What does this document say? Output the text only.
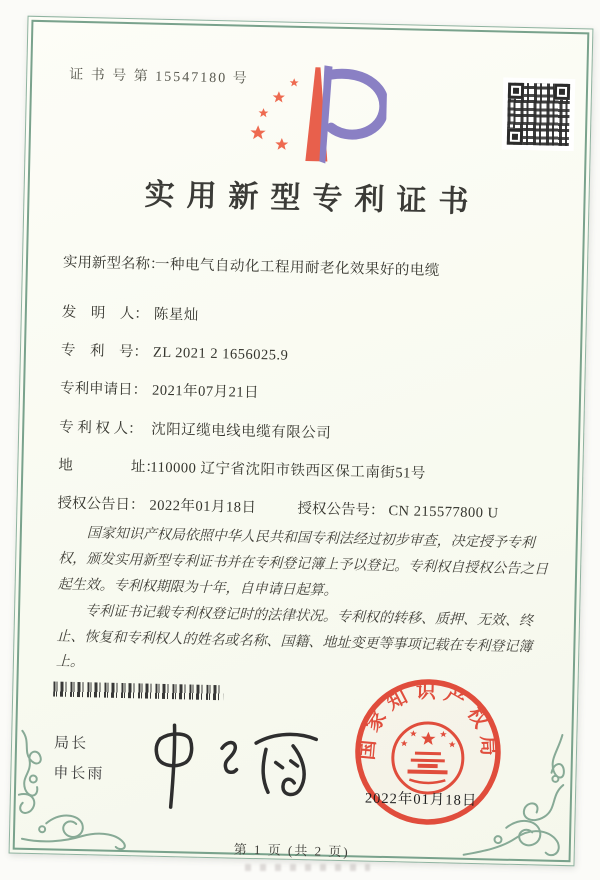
证 书 号 第 15547180 号
实用新型专利证书
实用新型名称：一种电气自动化工程用耐老化效果好的电缆
发　明　人： 陈星灿
专　利　号： ZL 2021 2 1656025.9
专利申请日： 2021年07月21日
专 利 权 人： 沈阳辽缆电线电缆有限公司
地　　　　址：110000 辽宁省沈阳市铁西区保工南街51号
授权公告日： 2022年01月18日	授权公告号： CN 215577800 U

国家知识产权局依照中华人民共和国专利法经过初步审查，决定授予专利权，颁发实用新型专利证书并在专利登记簿上予以登记。专利权自授权公告之日起生效。专利权期限为十年，自申请日起算。

专利证书记载专利权登记时的法律状况。专利权的转移、质押、无效、终止、恢复和专利权人的姓名或名称、国籍、地址变更等事项记载在专利登记簿上。

局长
申长雨
国家知识产权局
2022年01月18日
第 1 页 (共 2 页)
